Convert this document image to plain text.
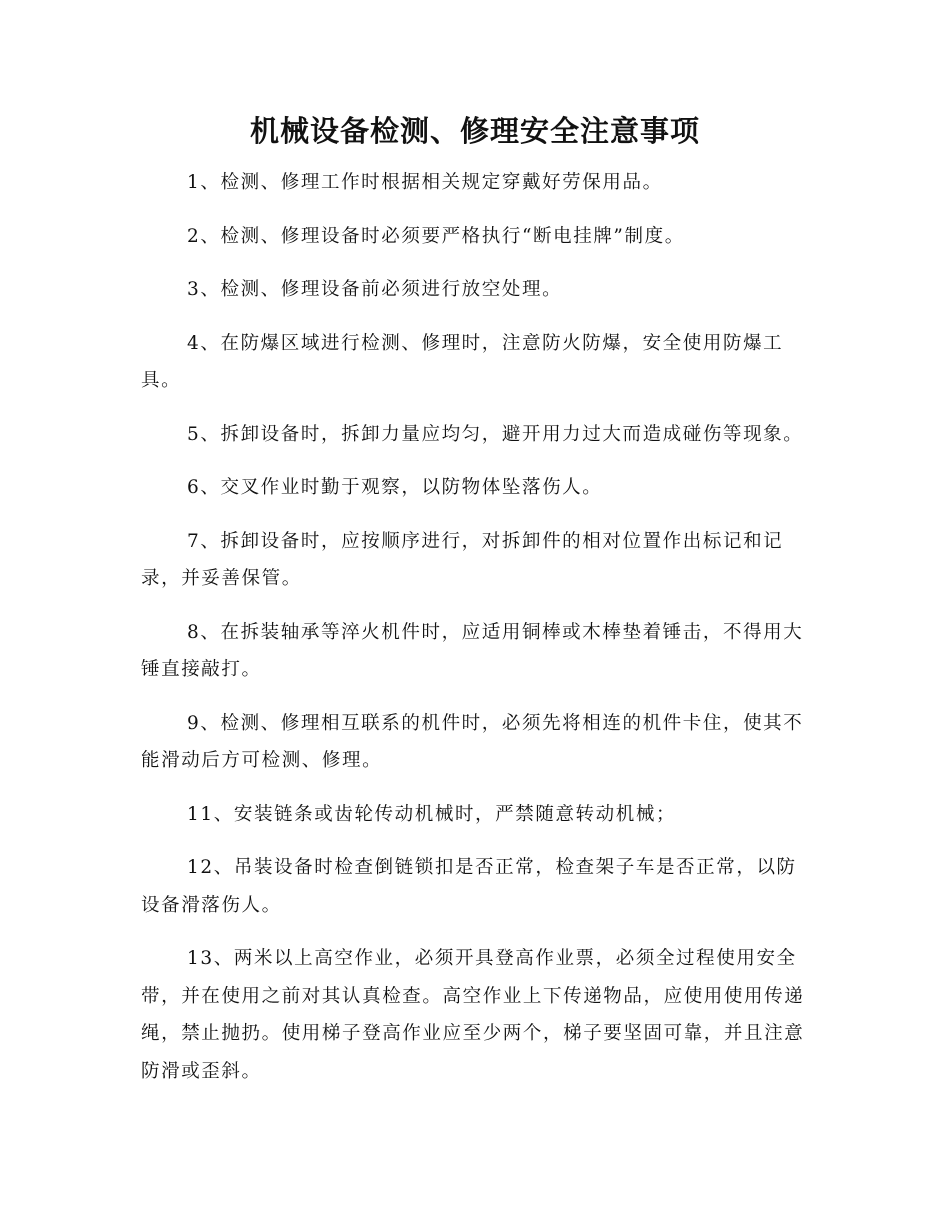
机械设备检测、修理安全注意事项

1、检测、修理工作时根据相关规定穿戴好劳保用品。

2、检测、修理设备时必须要严格执行“断电挂牌”制度。

3、检测、修理设备前必须进行放空处理。

4、在防爆区域进行检测、修理时，注意防火防爆，安全使用防爆工具。

5、拆卸设备时，拆卸力量应均匀，避开用力过大而造成碰伤等现象。

6、交叉作业时勤于观察，以防物体坠落伤人。

7、拆卸设备时，应按顺序进行，对拆卸件的相对位置作出标记和记录，并妥善保管。

8、在拆装轴承等淬火机件时，应适用铜棒或木棒垫着锤击，不得用大锤直接敲打。

9、检测、修理相互联系的机件时，必须先将相连的机件卡住，使其不能滑动后方可检测、修理。

11、安装链条或齿轮传动机械时，严禁随意转动机械；

12、吊装设备时检查倒链锁扣是否正常，检查架子车是否正常，以防设备滑落伤人。

13、两米以上高空作业，必须开具登高作业票，必须全过程使用安全带，并在使用之前对其认真检查。高空作业上下传递物品，应使用使用传递绳，禁止抛扔。使用梯子登高作业应至少两个，梯子要坚固可靠，并且注意防滑或歪斜。
